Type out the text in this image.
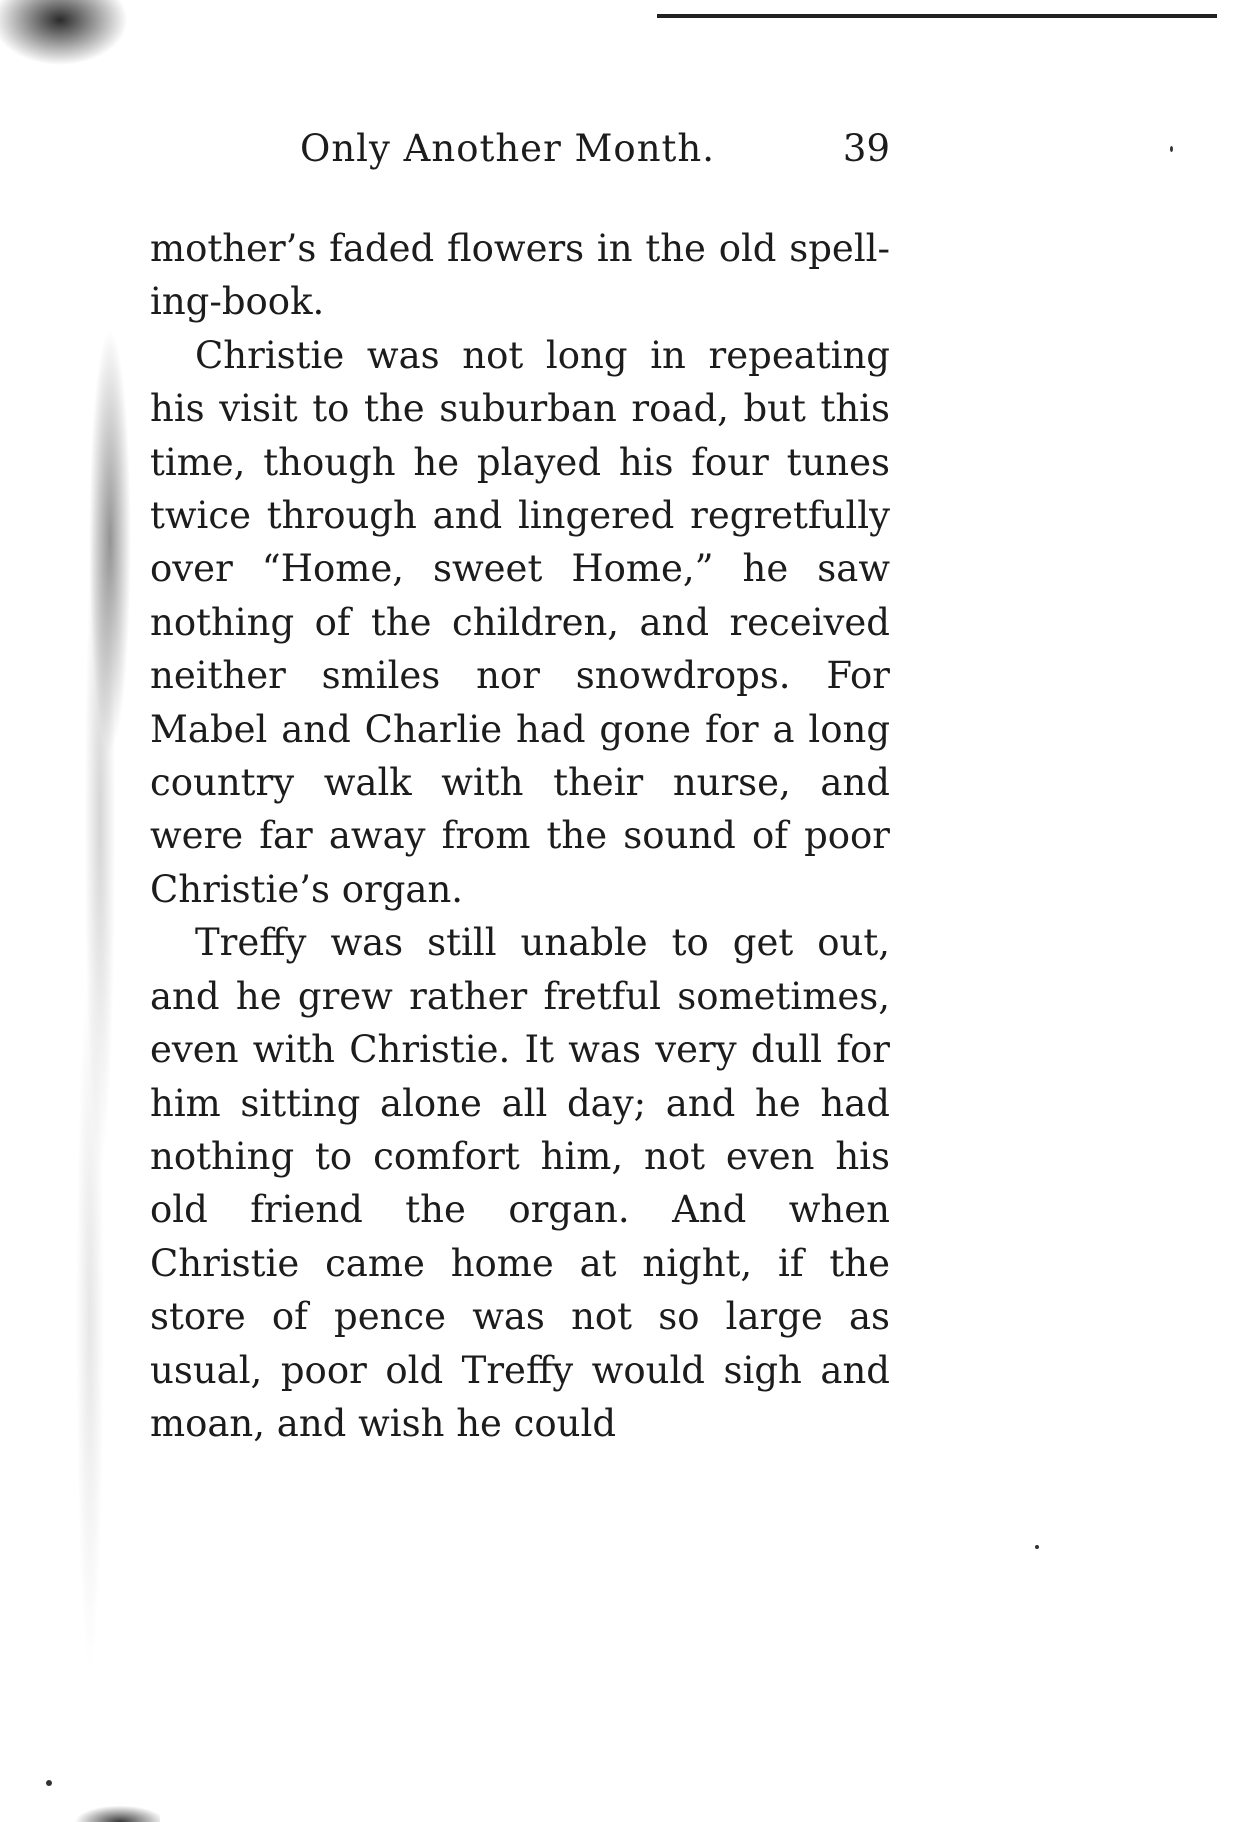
Only Another Month.	39

mother’s faded flowers in the old spell-ing-book.

Christie was not long in repeating his visit to the suburban road, but this time, though he played his four tunes twice through and lingered regretfully over “Home, sweet Home,” he saw nothing of the children, and received neither smiles nor snowdrops. For Mabel and Charlie had gone for a long country walk with their nurse, and were far away from the sound of poor Christie’s organ.

Treffy was still unable to get out, and he grew rather fretful sometimes, even with Christie. It was very dull for him sitting alone all day; and he had nothing to comfort him, not even his old friend the organ. And when Christie came home at night, if the store of pence was not so large as usual, poor old Treffy would sigh and moan, and wish he could
